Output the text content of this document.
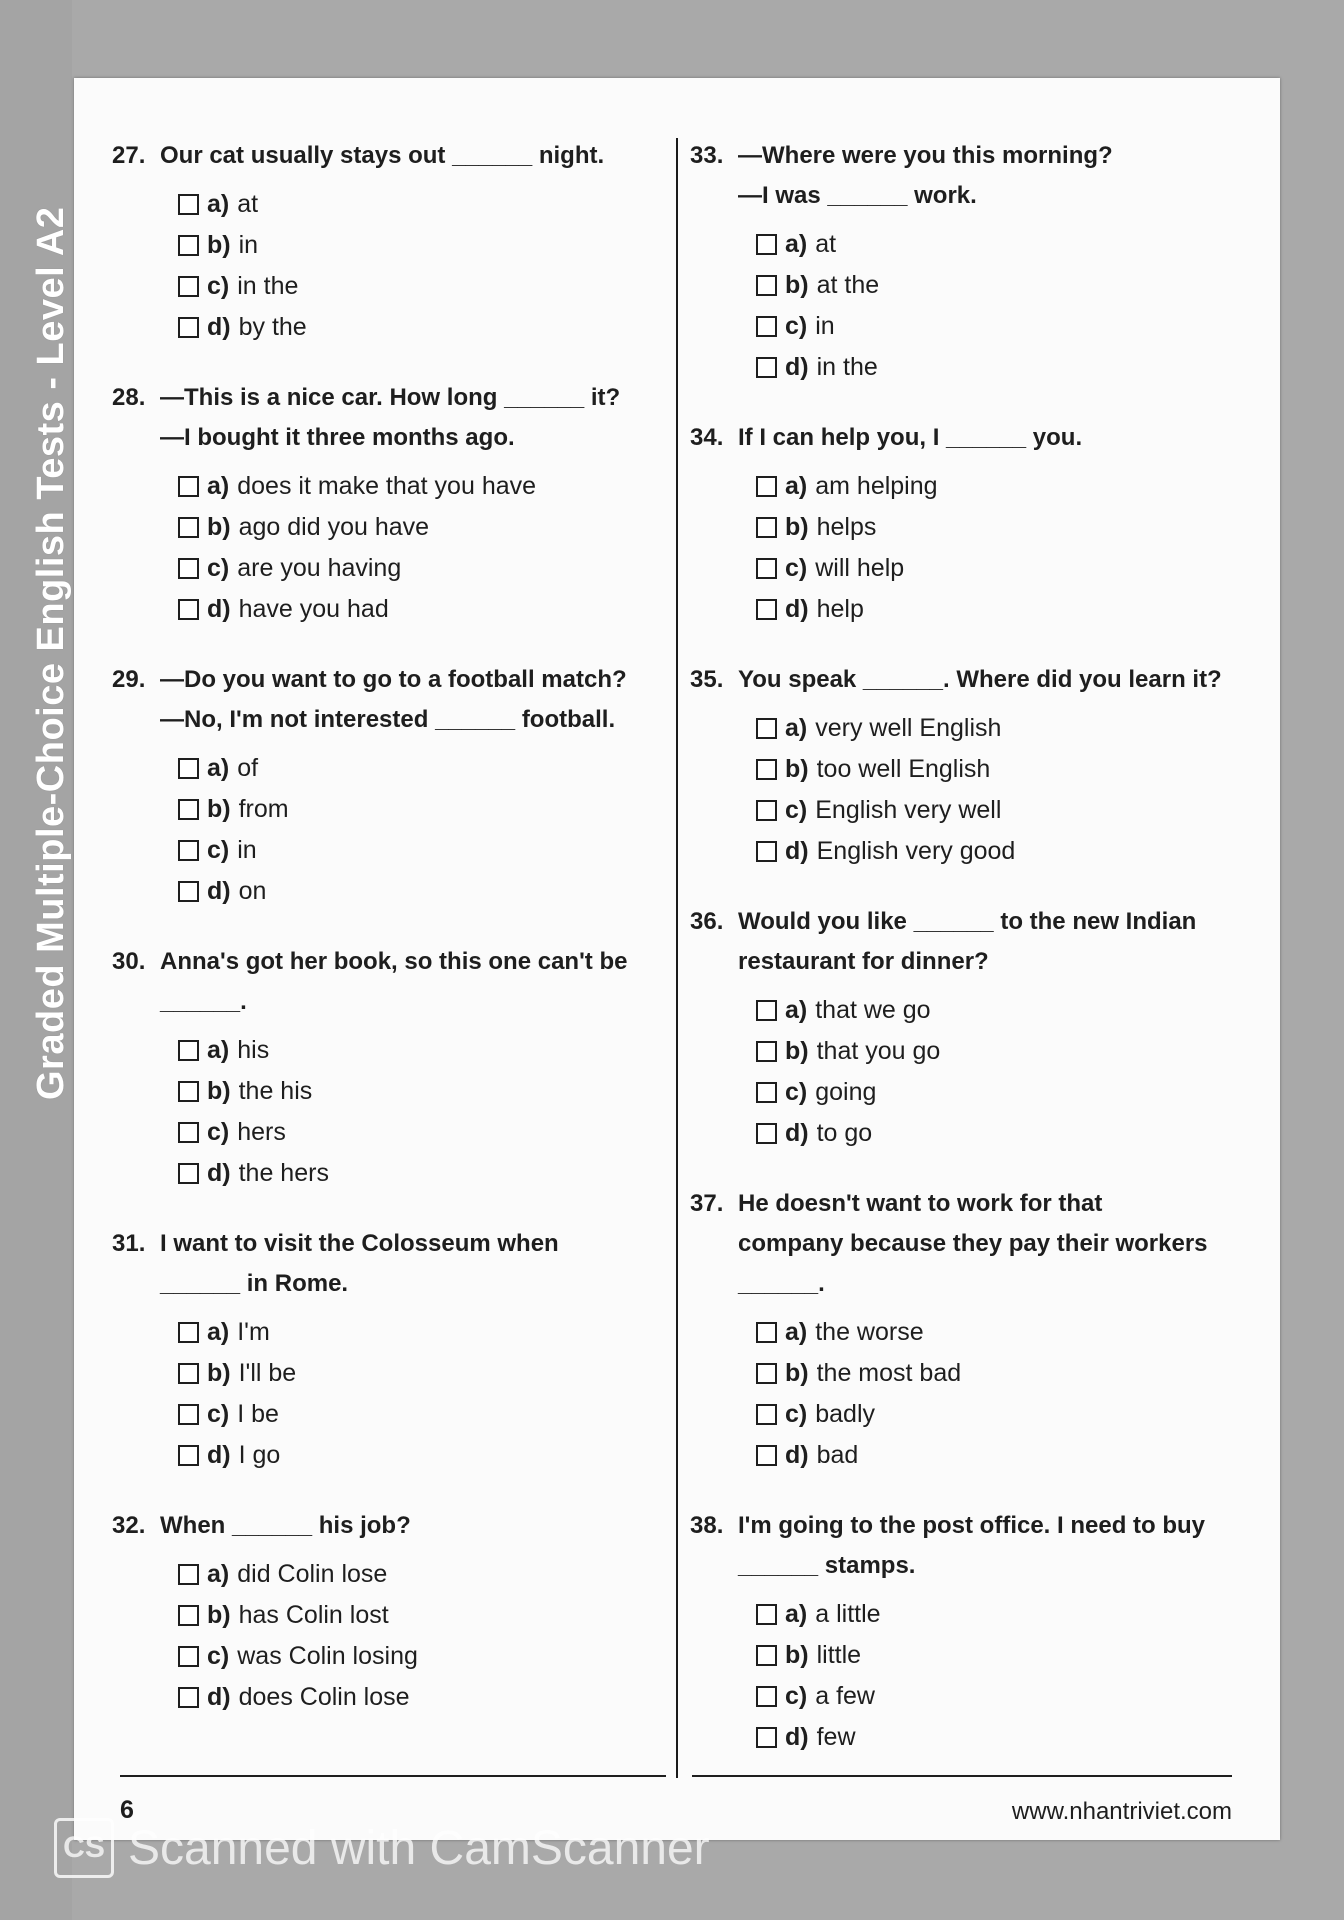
Graded Multiple-Choice English Tests - Level A2
27. Our cat usually stays out ______ night.
a) at
b) in
c) in the
d) by the
28. —This is a nice car. How long ______ it?
—I bought it three months ago.
a) does it make that you have
b) ago did you have
c) are you having
d) have you had
29. —Do you want to go to a football match?
—No, I'm not interested ______ football.
a) of
b) from
c) in
d) on
30. Anna's got her book, so this one can't be
______.
a) his
b) the his
c) hers
d) the hers
31. I want to visit the Colosseum when
______ in Rome.
a) I'm
b) I'll be
c) I be
d) I go
32. When ______ his job?
a) did Colin lose
b) has Colin lost
c) was Colin losing
d) does Colin lose
33. —Where were you this morning?
—I was ______ work.
a) at
b) at the
c) in
d) in the
34. If I can help you, I ______ you.
a) am helping
b) helps
c) will help
d) help
35. You speak ______. Where did you learn it?
a) very well English
b) too well English
c) English very well
d) English very good
36. Would you like ______ to the new Indian
restaurant for dinner?
a) that we go
b) that you go
c) going
d) to go
37. He doesn't want to work for that
company because they pay their workers
______.
a) the worse
b) the most bad
c) badly
d) bad
38. I'm going to the post office. I need to buy
______ stamps.
a) a little
b) little
c) a few
d) few
6	www.nhantriviet.com
CS Scanned with CamScanner
